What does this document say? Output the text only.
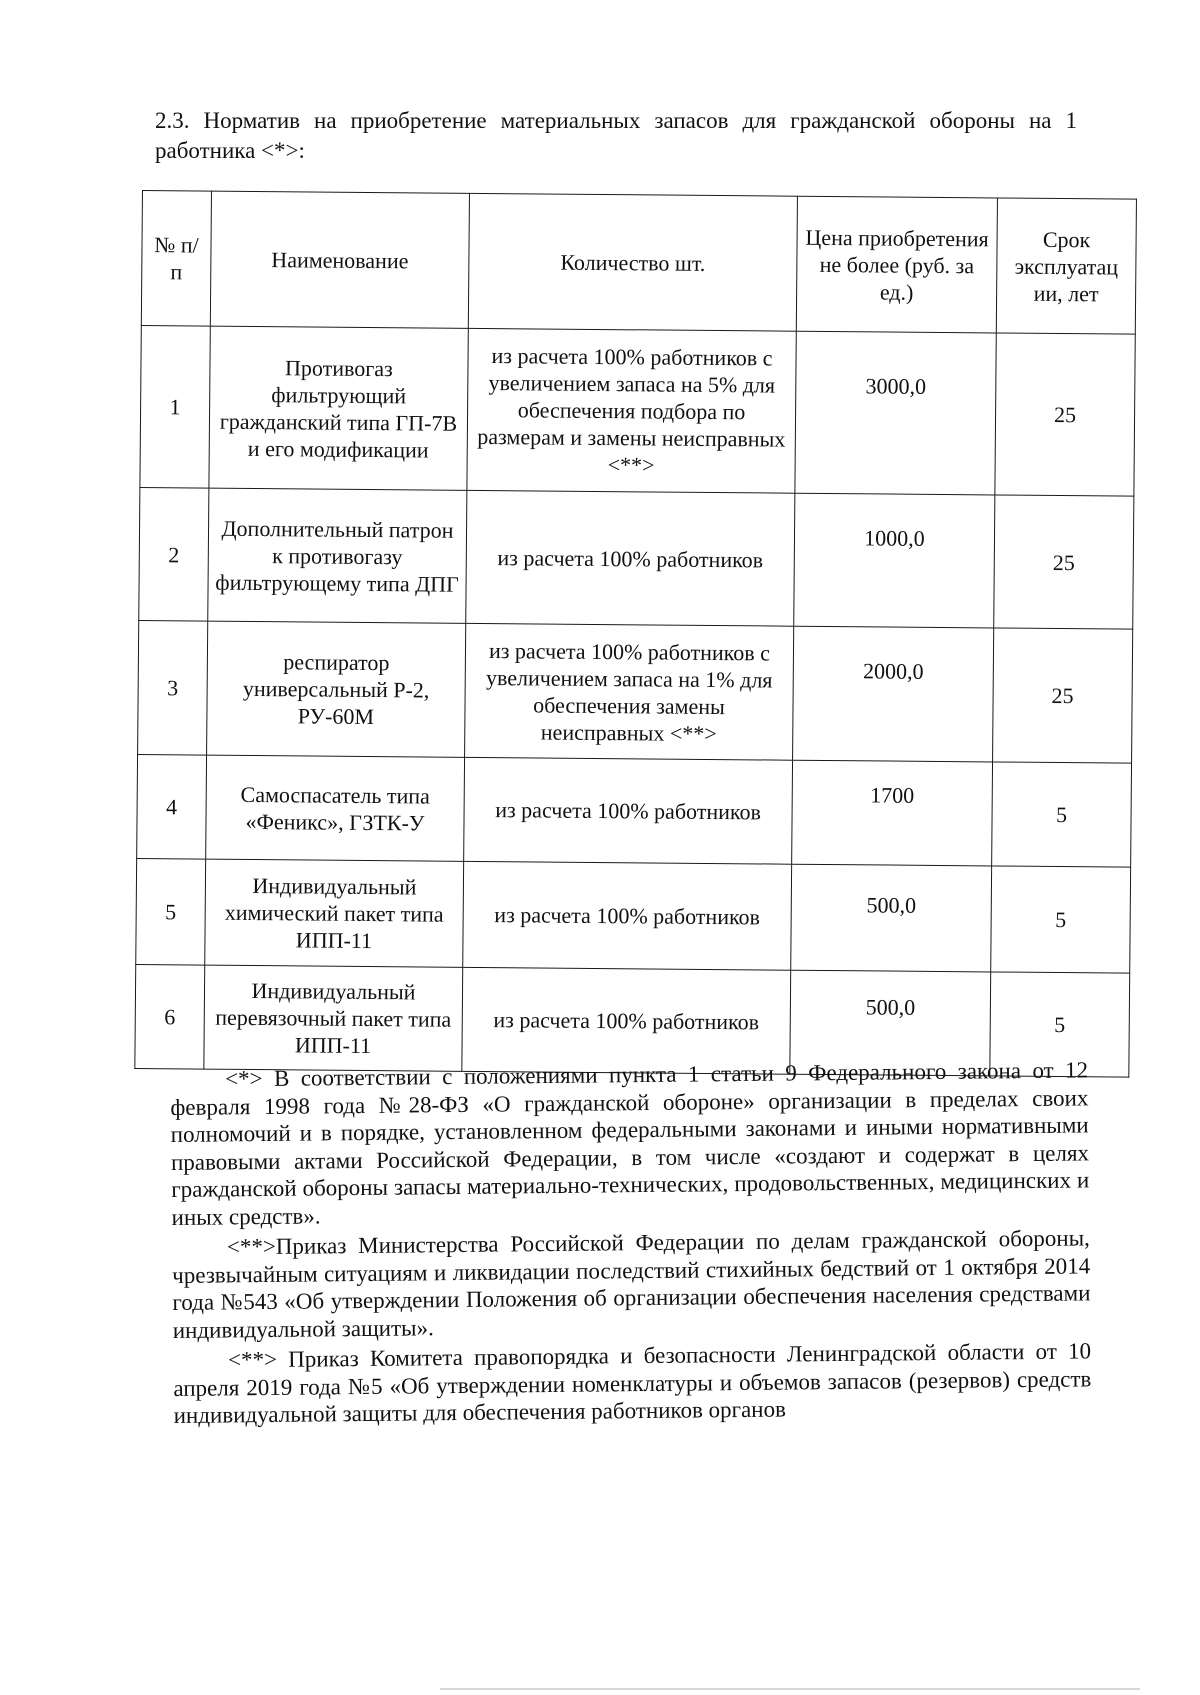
2.3. Норматив на приобретение материальных запасов для гражданской обороны на 1 работника <*>:
№ п/п	Наименование	Количество шт.	Цена приобретения не более (руб. за ед.)	Срок эксплуатац ии, лет
1	Противогаз фильтрующий гражданский типа ГП-7В и его модификации	из расчета 100% работников с увеличением запаса на 5% для обеспечения подбора по размерам и замены неисправных <**>	3000,0	25
2	Дополнительный патрон к противогазу фильтрующему типа ДПГ	из расчета 100% работников	1000,0	25
3	респиратор универсальный Р-2, РУ-60М	из расчета 100% работников с увеличением запаса на 1% для обеспечения замены неисправных <**>	2000,0	25
4	Самоспасатель типа «Феникс», ГЗТК-У	из расчета 100% работников	1700	5
5	Индивидуальный химический пакет типа ИПП-11	из расчета 100% работников	500,0	5
6	Индивидуальный перевязочный пакет типа ИПП-11	из расчета 100% работников	500,0	5

<*> В соответствии с положениями пункта 1 статьи 9 Федерального закона от 12 февраля 1998 года №28-ФЗ «О гражданской обороне» организации в пределах своих полномочий и в порядке, установленном федеральными законами и иными нормативными правовыми актами Российской Федерации, в том числе «создают и содержат в целях гражданской обороны запасы материально-технических, продовольственных, медицинских и иных средств».

<**>Приказ Министерства Российской Федерации по делам гражданской обороны, чрезвычайным ситуациям и ликвидации последствий стихийных бедствий от 1 октября 2014 года №543 «Об утверждении Положения об организации обеспечения населения средствами индивидуальной защиты».

<**> Приказ Комитета правопорядка и безопасности Ленинградской области от 10 апреля 2019 года №5 «Об утверждении номенклатуры и объемов запасов (резервов) средств индивидуальной защиты для обеспечения работников органов
